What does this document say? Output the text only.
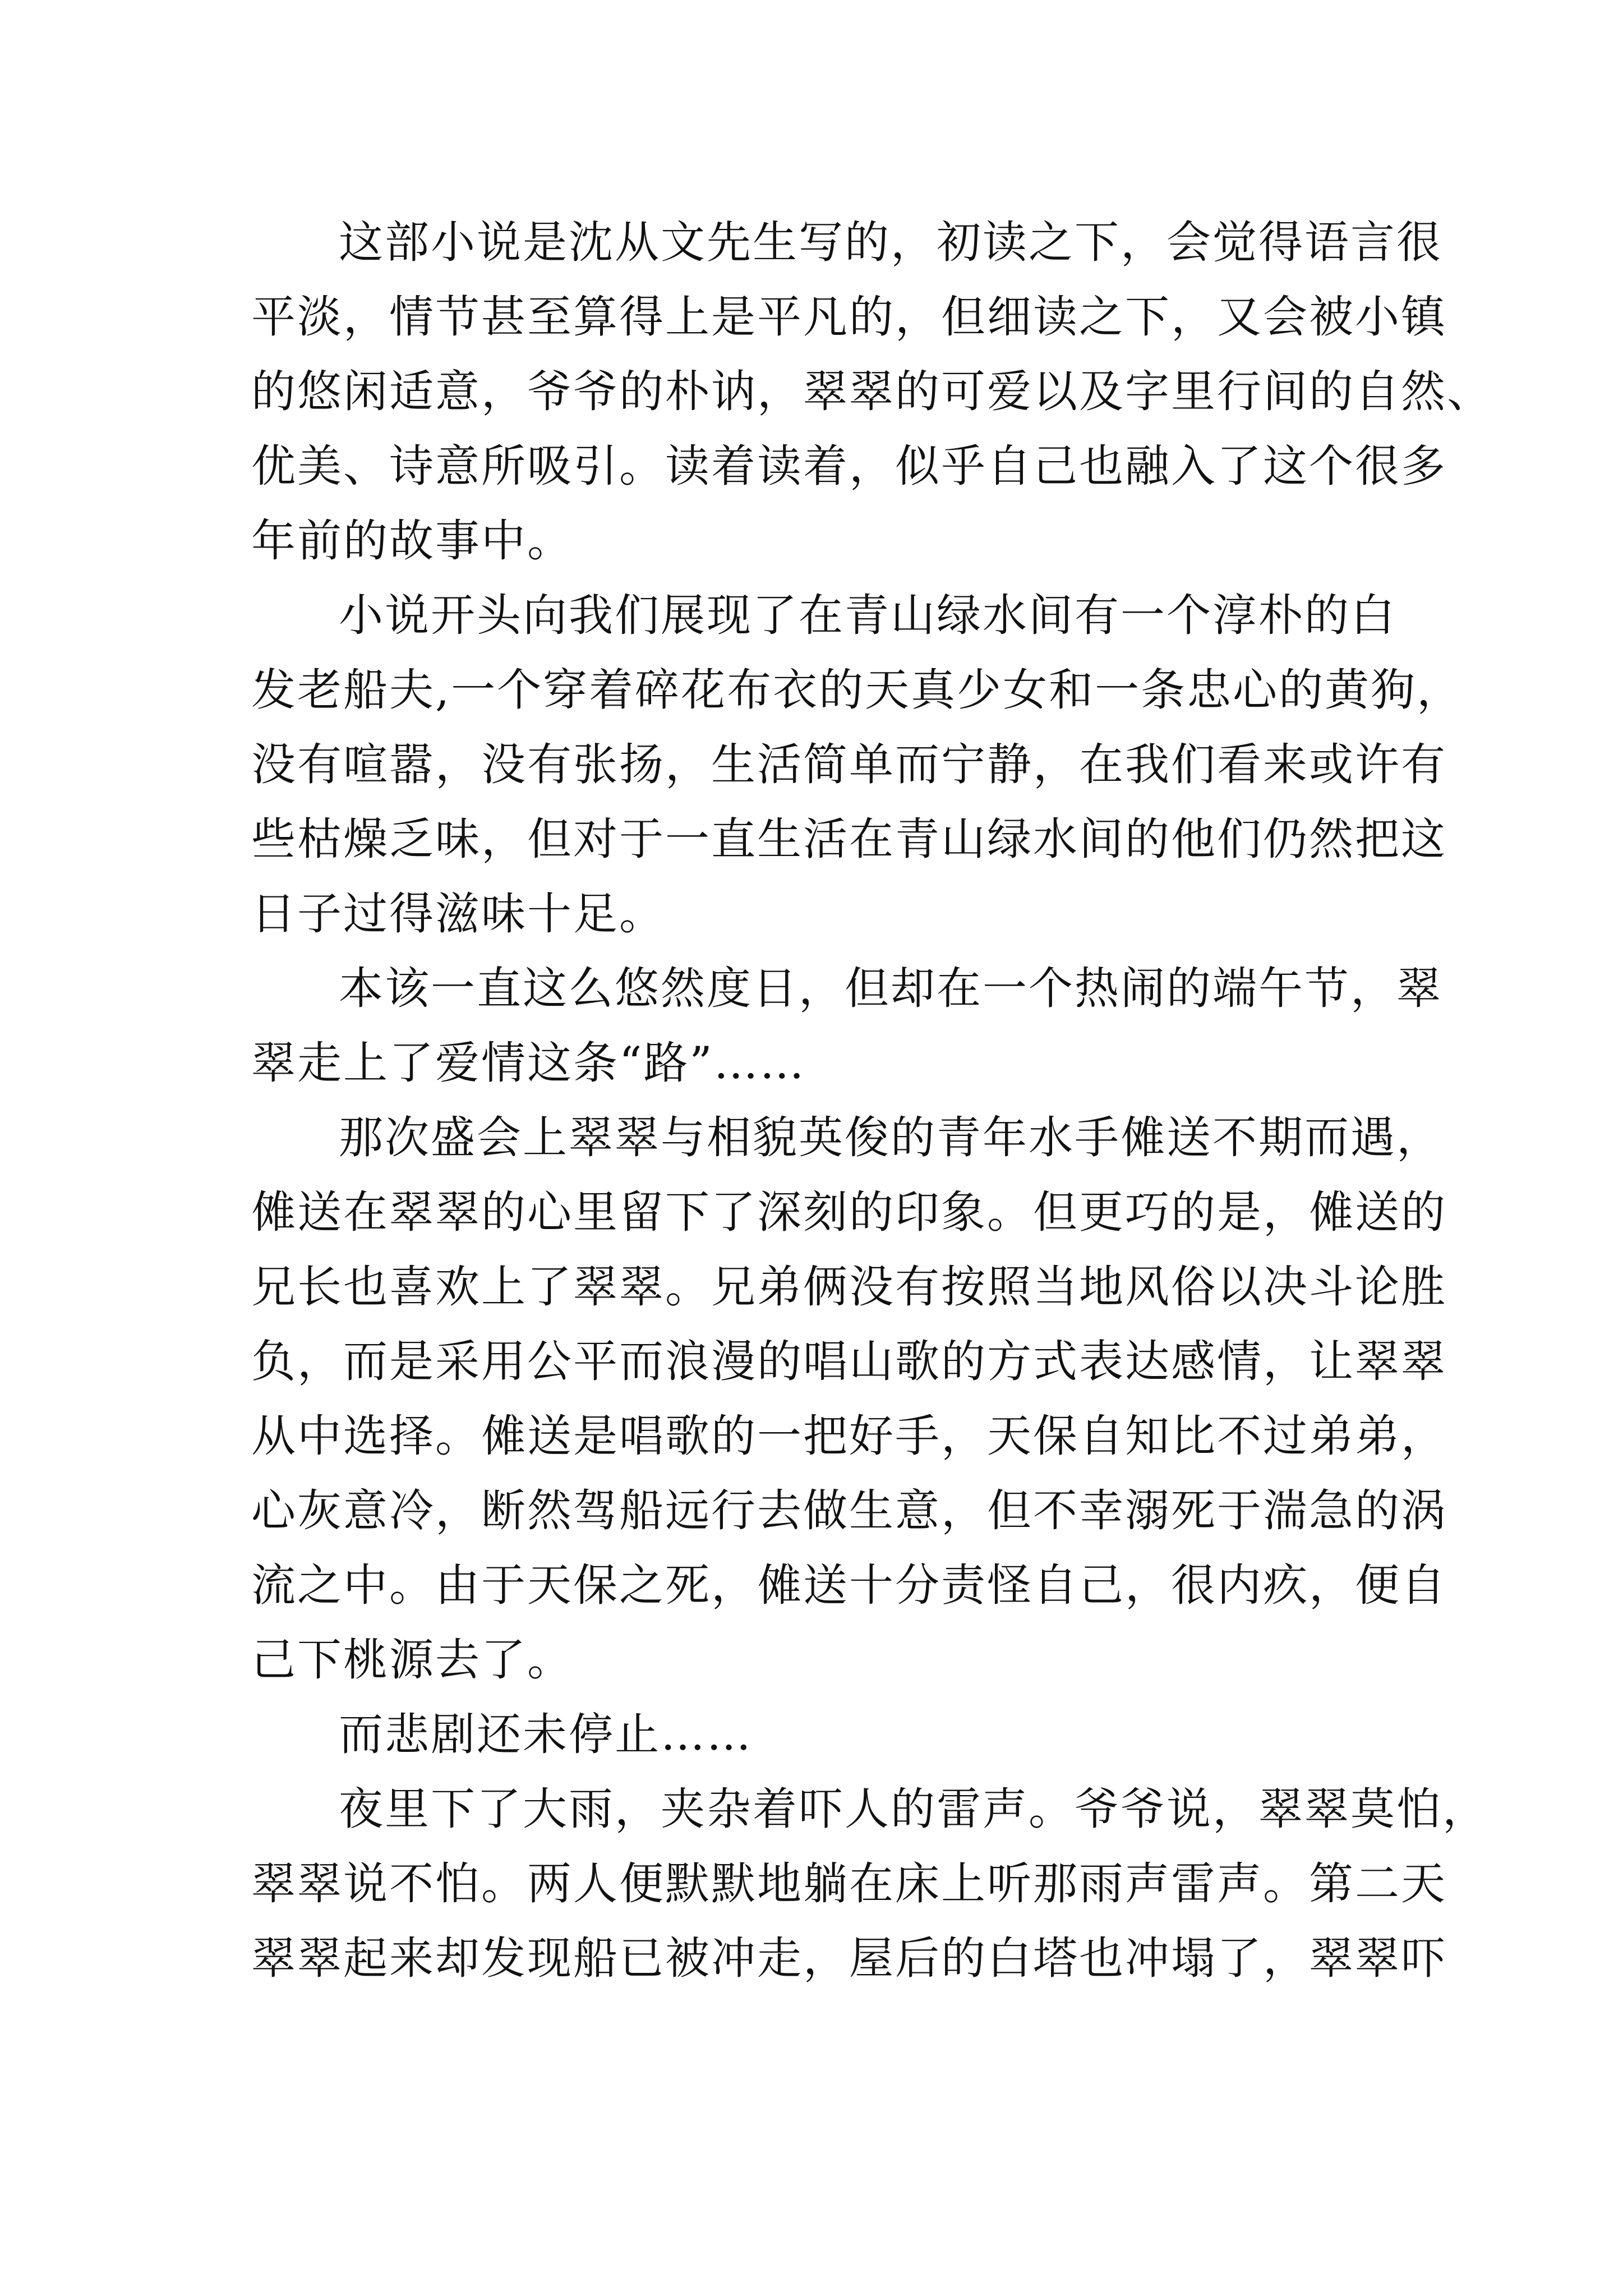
这部小说是沈从文先生写的，初读之下，会觉得语言很
平淡，情节甚至算得上是平凡的，但细读之下，又会被小镇
的悠闲适意，爷爷的朴讷，翠翠的可爱以及字里行间的自然、
优美、诗意所吸引。读着读着，似乎自己也融入了这个很多
年前的故事中。
小说开头向我们展现了在青山绿水间有一个淳朴的白
发老船夫,一个穿着碎花布衣的天真少女和一条忠心的黄狗，
没有喧嚣，没有张扬，生活简单而宁静，在我们看来或许有
些枯燥乏味，但对于一直生活在青山绿水间的他们仍然把这
日子过得滋味十足。
本该一直这么悠然度日，但却在一个热闹的端午节，翠
翠走上了爱情这条“路”……
那次盛会上翠翠与相貌英俊的青年水手傩送不期而遇，
傩送在翠翠的心里留下了深刻的印象。但更巧的是，傩送的
兄长也喜欢上了翠翠。兄弟俩没有按照当地风俗以决斗论胜
负，而是采用公平而浪漫的唱山歌的方式表达感情，让翠翠
从中选择。傩送是唱歌的一把好手，天保自知比不过弟弟，
心灰意冷，断然驾船远行去做生意，但不幸溺死于湍急的涡
流之中。由于天保之死，傩送十分责怪自己，很内疚，便自
己下桃源去了。
而悲剧还未停止……
夜里下了大雨，夹杂着吓人的雷声。爷爷说，翠翠莫怕，
翠翠说不怕。两人便默默地躺在床上听那雨声雷声。第二天
翠翠起来却发现船已被冲走，屋后的白塔也冲塌了，翠翠吓
